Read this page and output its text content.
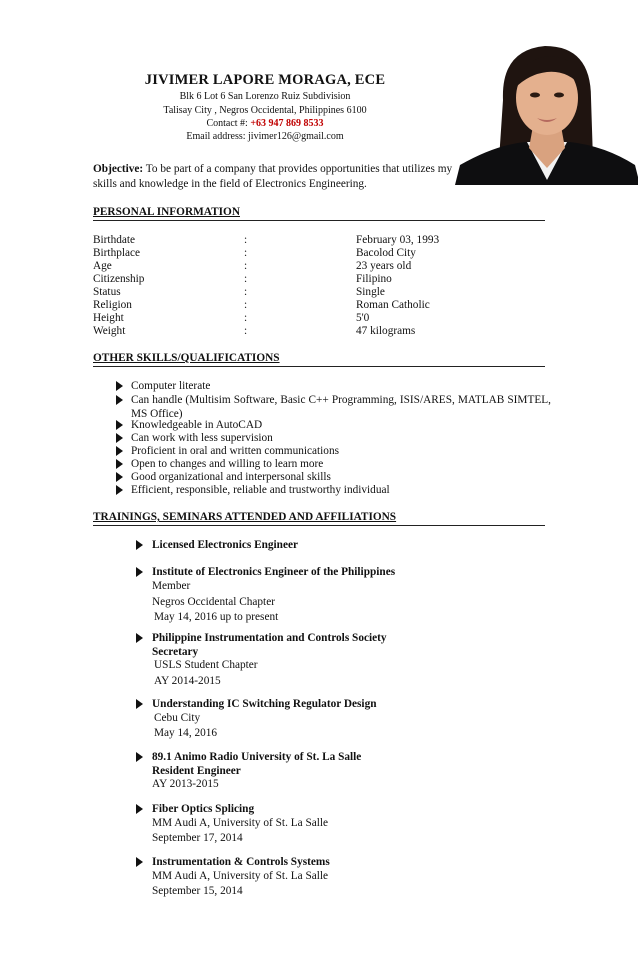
JIVIMER LAPORE MORAGA, ECE
Blk 6 Lot 6 San Lorenzo Ruiz Subdivision
Talisay City , Negros Occidental, Philippines 6100
Contact #: +63 947 869 8533
Email address: jivimer126@gmail.com
Objective: To be part of a company that provides opportunities that utilizes my skills and knowledge in the field of Electronics Engineering.
PERSONAL INFORMATION
Birthdate	:	February 03, 1993
Birthplace	:	Bacolod City
Age	:	23 years old
Citizenship	:	Filipino
Status	:	Single
Religion	:	Roman Catholic
Height	:	5'0
Weight	:	47 kilograms
OTHER SKILLS/QUALIFICATIONS
Computer literate
Can handle (Multisim Software, Basic C++ Programming, ISIS/ARES, MATLAB SIMTEL, MS Office)
Knowledgeable in AutoCAD
Can work with less supervision
Proficient in oral and written communications
Open to changes and willing to learn more
Good organizational and interpersonal skills
Efficient, responsible, reliable and trustworthy individual
TRAININGS, SEMINARS ATTENDED AND AFFILIATIONS
Licensed Electronics Engineer
Institute of Electronics Engineer of the Philippines
Member
Negros Occidental Chapter
May 14, 2016 up to present
Philippine Instrumentation and Controls Society
Secretary
USLS Student Chapter
AY 2014-2015
Understanding IC Switching Regulator Design
Cebu City
May 14, 2016
89.1 Animo Radio University of St. La Salle
Resident Engineer
AY 2013-2015
Fiber Optics Splicing
MM Audi A, University of St. La Salle
September 17, 2014
Instrumentation & Controls Systems
MM Audi A, University of St. La Salle
September 15, 2014
